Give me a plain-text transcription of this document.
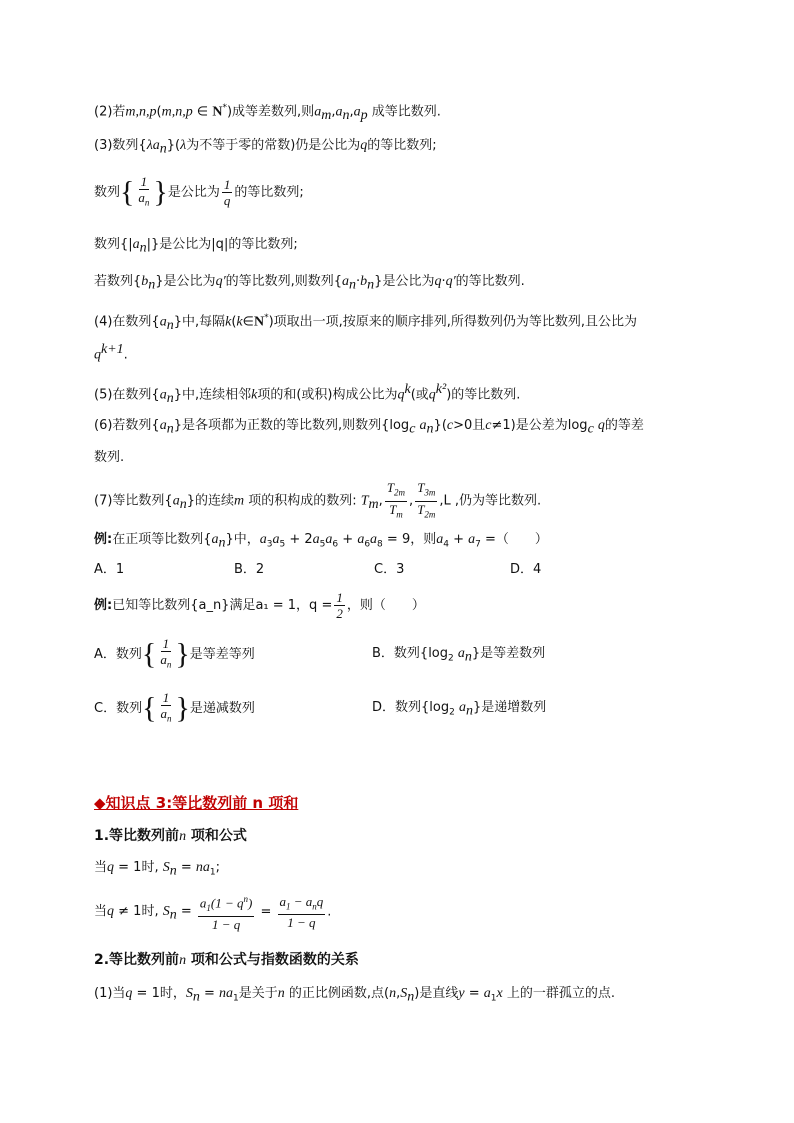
(2)若m,n,p(m,n,p ∈ N*)成等差数列,则$a_m,a_n,a_p$ 成等比数列.
(3)数列$\{\lambda a_n\}(\lambda$为不等于零的常数)仍是公比为q的等比数列;
数列{ $\frac{1}{a_n}$ }是公比为 $\frac{1}{q}$ 的等比数列;
数列$\{|a_n|\}$是公比为|q|的等比数列;
若数列$\{b_n\}$是公比为q′的等比数列,则数列$\{a_n\cdot b_n\}$是公比为q·q′的等比数列.
(4)在数列$\{a_n\}$中,每隔k(k∈N*)项取出一项,按原来的顺序排列,所得数列仍为等比数列,且公比为
$q^{k+1}$.
(5)在数列$\{a_n\}$中,连续相邻k项的和(或积)构成公比为$q^k$(或$q^{k^2}$)的等比数列.
(6)若数列$\{a_n\}$是各项都为正数的等比数列,则数列{$\log_c$ $a_n\}(c>0$且c≠1)是公差为$\log_c q$的等差
数列.
(7)等比数列$\{a_n\}$的连续m 项的积构成的数列: $T_m$, $\frac{T_{2m}}{T_m}$ , $\frac{T_{3m}}{T_{2m}} ,L$ ,仍为等比数列.
例:在正项等比数列$\{a_n\}$中，$a_3a_5 + 2a_5a_6 + a_6a_8 = 9$，则$a_4 + a_7$ =（　　）
A．1	B．2	C．3	D．4
例:已知等比数列{a_n}满足a₁ = 1，$q = \frac{1}{2}$ ，则（　　）
A．数列{ $\frac{1}{a_n}$ }是等差等列	B．数列{$\log_2$ $a_n$}是等差数列
C．数列{ $\frac{1}{a_n}$ }是递减数列	D．数列{$\log_2$ $a_n$}是递增数列
◆知识点 3:等比数列前 n 项和
1.等比数列前n 项和公式
当q = 1时, $S_n = na_1$;
当q ≠ 1时, $S_n = \frac{a_1(1 - q^n)}{1 - q} = \frac{a_1 - a_nq}{1 - q}$ .
2.等比数列前n 项和公式与指数函数的关系
(1)当q = 1时，$S_n = na_1$是关于n 的正比例函数,点$(n,S_n)$是直线$y = a_1x$ 上的一群孤立的点.
